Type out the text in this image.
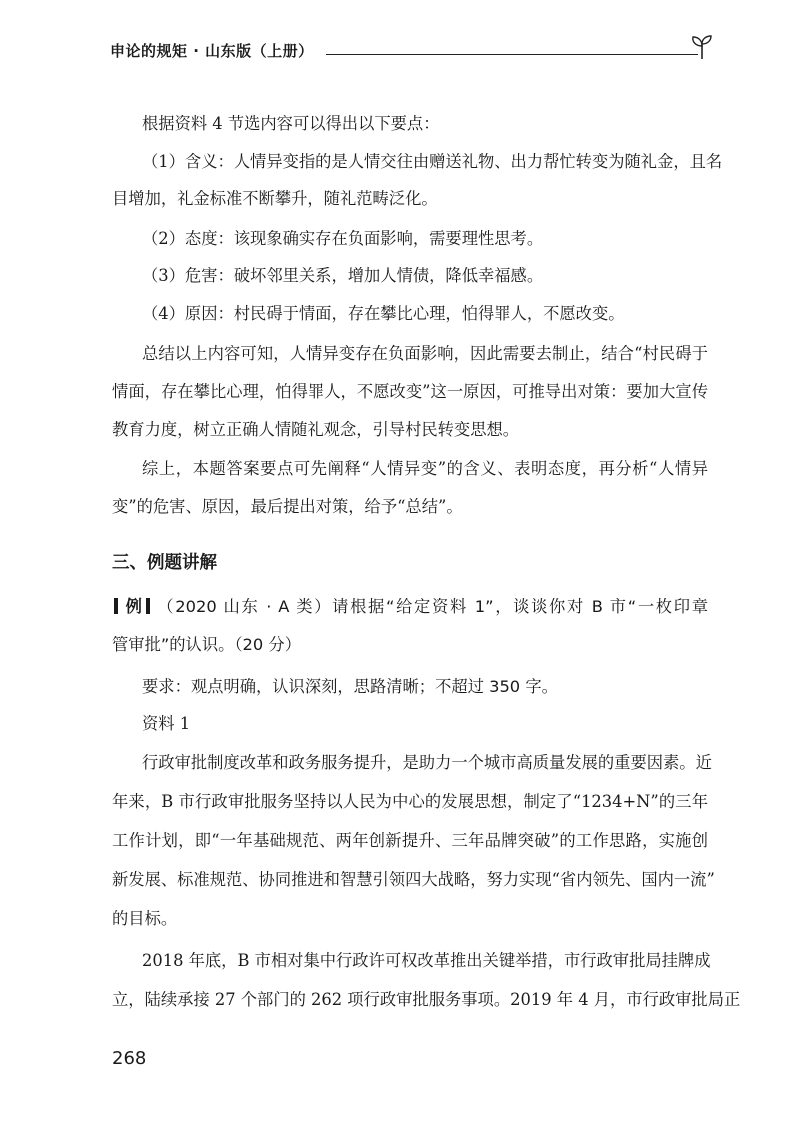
申论的规矩 · 山东版（上册）
根据资料 4 节选内容可以得出以下要点：
（1）含义：人情异变指的是人情交往由赠送礼物、出力帮忙转变为随礼金，且名
目增加，礼金标准不断攀升，随礼范畴泛化。
（2）态度：该现象确实存在负面影响，需要理性思考。
（3）危害：破坏邻里关系，增加人情债，降低幸福感。
（4）原因：村民碍于情面，存在攀比心理，怕得罪人，不愿改变。
总结以上内容可知，人情异变存在负面影响，因此需要去制止，结合“村民碍于
情面，存在攀比心理，怕得罪人，不愿改变”这一原因，可推导出对策：要加大宣传
教育力度，树立正确人情随礼观念，引导村民转变思想。
综上，本题答案要点可先阐释“人情异变”的含义、表明态度，再分析“人情异
变”的危害、原因，最后提出对策，给予“总结”。
三、例题讲解
例 （2020 山东 · A 类）请根据“给定资料 1”，谈谈你对 B 市“一枚印章
管审批”的认识。（20 分）
要求：观点明确，认识深刻，思路清晰；不超过 350 字。
资料 1
行政审批制度改革和政务服务提升，是助力一个城市高质量发展的重要因素。近
年来，B 市行政审批服务坚持以人民为中心的发展思想，制定了“1234+N”的三年
工作计划，即“一年基础规范、两年创新提升、三年品牌突破”的工作思路，实施创
新发展、标准规范、协同推进和智慧引领四大战略，努力实现“省内领先、国内一流”
的目标。
2018 年底，B 市相对集中行政许可权改革推出关键举措，市行政审批局挂牌成
立，陆续承接 27 个部门的 262 项行政审批服务事项。2019 年 4 月，市行政审批局正
268
